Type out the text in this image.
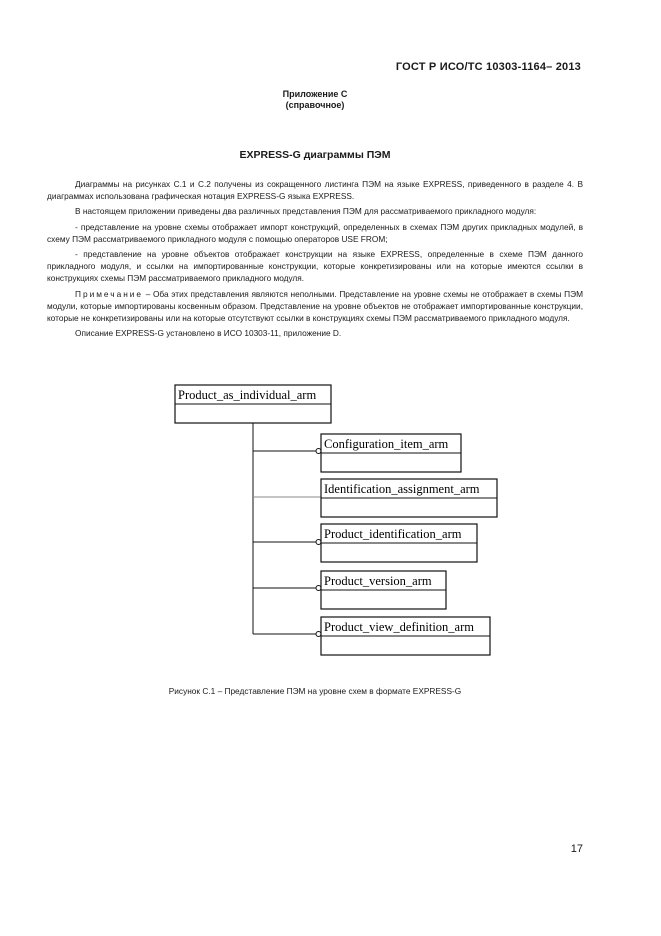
ГОСТ Р ИСО/ТС 10303-1164– 2013
Приложение С
(справочное)
EXPRESS-G диаграммы ПЭМ

Диаграммы на рисунках С.1 и С.2 получены из сокращенного листинга ПЭМ на языке EXPRESS, приведенного в разделе 4. В диаграммах использована графическая нотация EXPRESS-G языка EXPRESS.

В настоящем приложении приведены два различных представления ПЭМ для рассматриваемого прикладного модуля:

- представление на уровне схемы отображает импорт конструкций, определенных в схемах ПЭМ других прикладных модулей, в схему ПЭМ рассматриваемого прикладного модуля с помощью операторов USE FROM;

- представление на уровне объектов отображает конструкции на языке EXPRESS, определенные в схеме ПЭМ данного прикладного модуля, и ссылки на импортированные конструкции, которые конкретизированы или на которые имеются ссылки в конструкциях схемы ПЭМ рассматриваемого прикладного модуля.

Примечание – Оба этих представления являются неполными. Представление на уровне схемы не отображает в схемы ПЭМ модули, которые импортированы косвенным образом. Представление на уровне объектов не отображает импортированные конструкции, которые не конкретизированы или на которые отсутствуют ссылки в конструкциях схемы ПЭМ рассматриваемого прикладного модуля.

Описание EXPRESS-G установлено в ИСО 10303-11, приложение D.

Product_as_individual_arm
Configuration_item_arm
Identification_assignment_arm
Product_identification_arm
Product_version_arm
Product_view_definition_arm
Рисунок С.1 – Представление ПЭМ на уровне схем в формате EXPRESS-G
17
